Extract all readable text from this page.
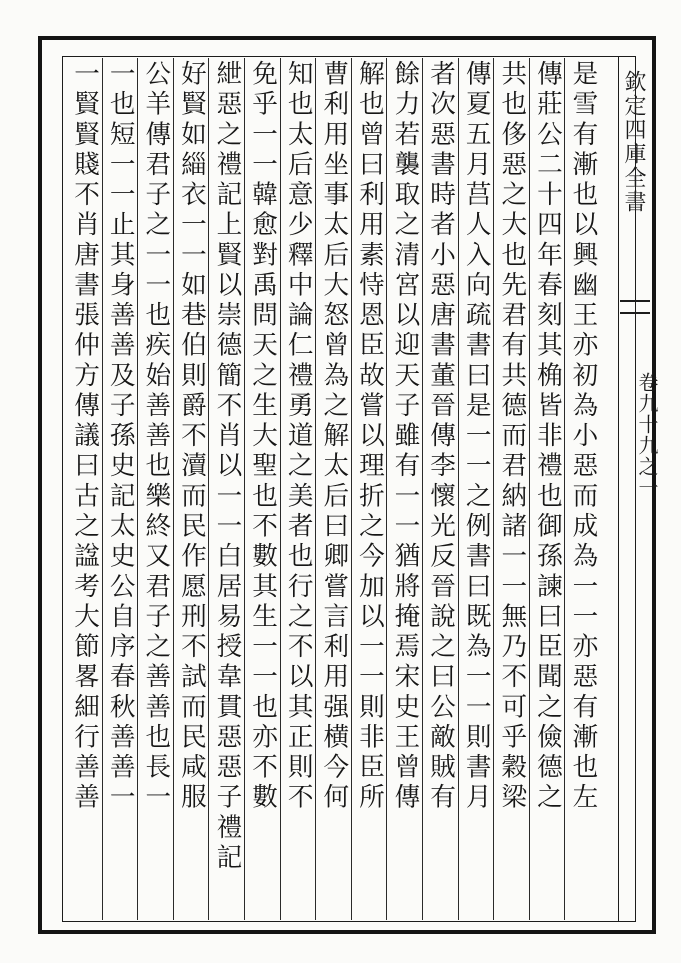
欽定四庫全書
卷九十九之一
是雪有漸也以興幽王亦初為小惡而成為一一亦惡有漸也左
傳莊公二十四年春刻其桷皆非禮也御孫諫曰臣聞之儉德之
共也侈惡之大也先君有共德而君納諸一一無乃不可乎穀梁
傳夏五月莒人入向疏書曰是一一之例書曰既為一一則書月
者次惡書時者小惡唐書董晉傳李懷光反晉說之曰公敵賊有
餘力若襲取之清宮以迎天子雖有一一猶將掩焉宋史王曾傳
解也曾曰利用素恃恩臣故嘗以理折之今加以一一則非臣所
曹利用坐事太后大怒曾為之解太后曰卿嘗言利用强横今何
知也太后意少釋中論仁禮勇道之美者也行之不以其正則不
免乎一一韓愈對禹問天之生大聖也不數其生一一也亦不數
紲惡之禮記上賢以崇德簡不肖以一一白居易授韋貫惡惡子禮記
好賢如緇衣一一如巷伯則爵不瀆而民作愿刑不試而民咸服
公羊傳君子之一一也疾始善善也樂終又君子之善善也長一
一也短一一止其身善善及子孫史記太史公自序春秋善善一
一賢賢賤不肖唐書張仲方傳議曰古之諡考大節畧細行善善
